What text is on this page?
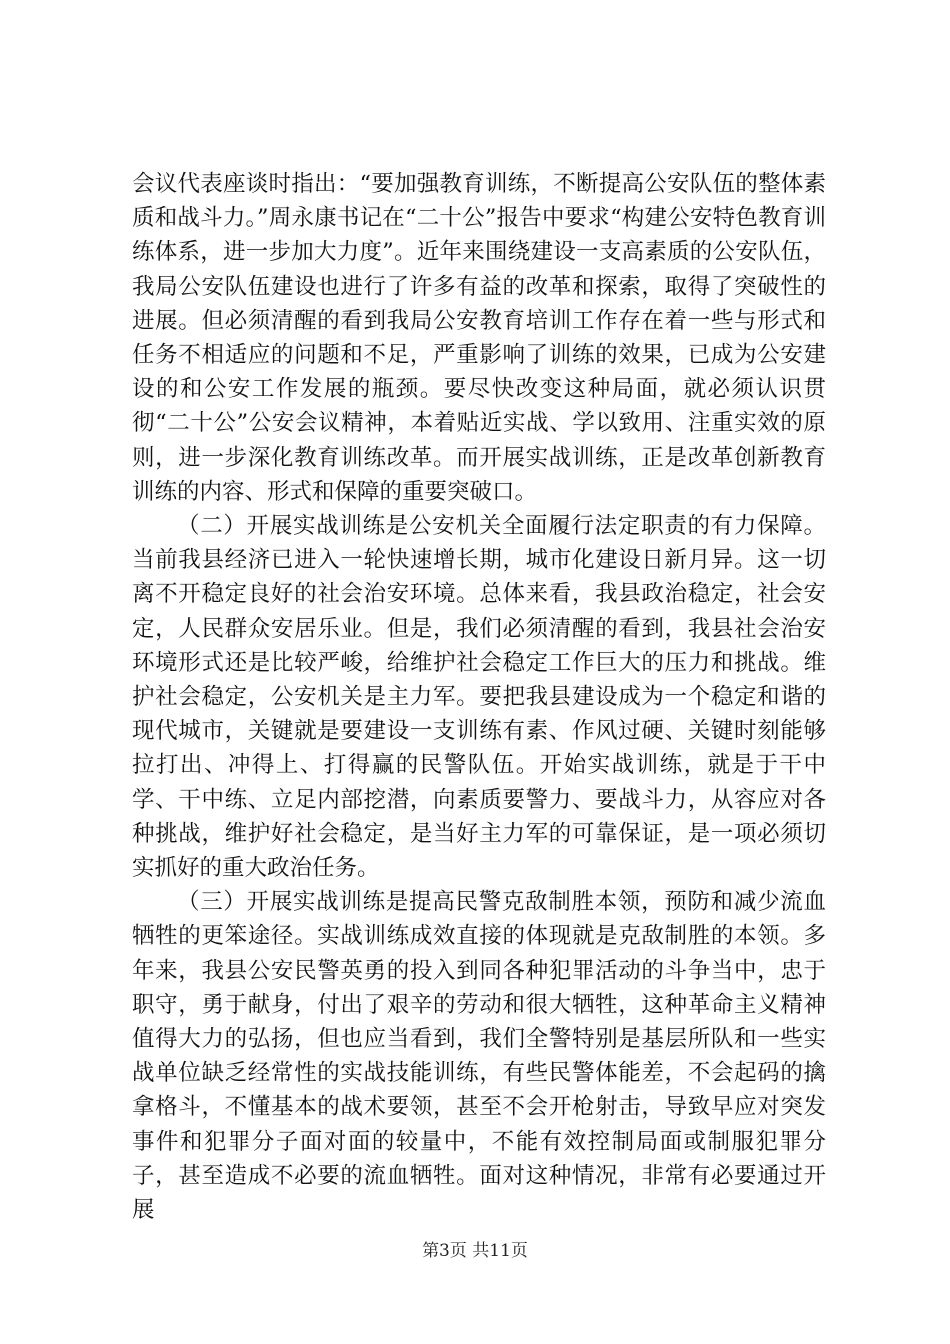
会议代表座谈时指出：“要加强教育训练，不断提高公安队伍的整体素质和战斗力。”周永康书记在“二十公”报告中要求“构建公安特色教育训练体系，进一步加大力度”。近年来围绕建设一支高素质的公安队伍，我局公安队伍建设也进行了许多有益的改革和探索，取得了突破性的进展。但必须清醒的看到我局公安教育培训工作存在着一些与形式和任务不相适应的问题和不足，严重影响了训练的效果，已成为公安建设的和公安工作发展的瓶颈。要尽快改变这种局面，就必须认识贯彻“二十公”公安会议精神，本着贴近实战、学以致用、注重实效的原则，进一步深化教育训练改革。而开展实战训练，正是改革创新教育训练的内容、形式和保障的重要突破口。

（二）开展实战训练是公安机关全面履行法定职责的有力保障。当前我县经济已进入一轮快速增长期，城市化建设日新月异。这一切离不开稳定良好的社会治安环境。总体来看，我县政治稳定，社会安定，人民群众安居乐业。但是，我们必须清醒的看到，我县社会治安环境形式还是比较严峻，给维护社会稳定工作巨大的压力和挑战。维护社会稳定，公安机关是主力军。要把我县建设成为一个稳定和谐的现代城市，关键就是要建设一支训练有素、作风过硬、关键时刻能够拉打出、冲得上、打得赢的民警队伍。开始实战训练，就是于干中学、干中练、立足内部挖潜，向素质要警力、要战斗力，从容应对各种挑战，维护好社会稳定，是当好主力军的可靠保证，是一项必须切实抓好的重大政治任务。

（三）开展实战训练是提高民警克敌制胜本领，预防和减少流血牺牲的更笨途径。实战训练成效直接的体现就是克敌制胜的本领。多年来，我县公安民警英勇的投入到同各种犯罪活动的斗争当中，忠于职守，勇于献身，付出了艰辛的劳动和很大牺牲，这种革命主义精神值得大力的弘扬，但也应当看到，我们全警特别是基层所队和一些实战单位缺乏经常性的实战技能训练，有些民警体能差，不会起码的擒拿格斗，不懂基本的战术要领，甚至不会开枪射击，导致早应对突发事件和犯罪分子面对面的较量中，不能有效控制局面或制服犯罪分子，甚至造成不必要的流血牺牲。面对这种情况，非常有必要通过开展

第3页 共11页
